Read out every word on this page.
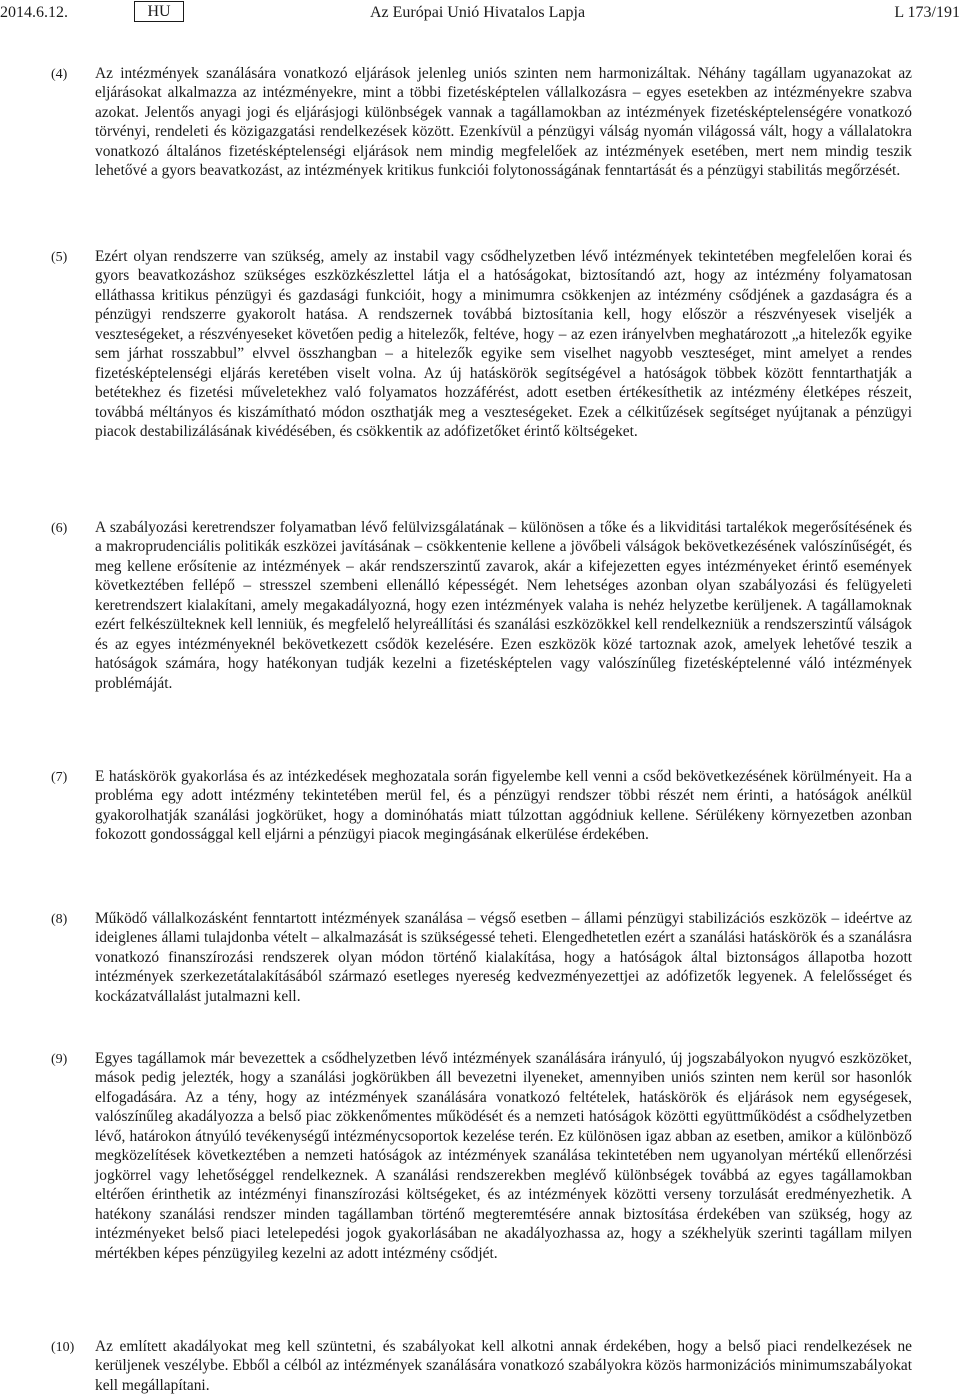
2014.6.12.	HU	Az Európai Unió Hivatalos Lapja	L 173/191
(4) Az intézmények szanálására vonatkozó eljárások jelenleg uniós szinten nem harmonizáltak. Néhány tagállam ugyanazokat az eljárásokat alkalmazza az intézményekre, mint a többi fizetésképtelen vállalkozásra – egyes esetekben az intézményekre szabva azokat. Jelentős anyagi jogi és eljárásjogi különbségek vannak a tagállamokban az intézmények fizetésképtelenségére vonatkozó törvényi, rendeleti és közigazgatási rendelkezések között. Ezenkívül a pénzügyi válság nyomán világossá vált, hogy a vállalatokra vonatkozó általános fizetésképtelenségi eljárások nem mindig megfelelőek az intézmények esetében, mert nem mindig teszik lehetővé a gyors beavatkozást, az intézmények kritikus funkciói folytonosságának fenntartását és a pénzügyi stabilitás megőrzését.
(5) Ezért olyan rendszerre van szükség, amely az instabil vagy csődhelyzetben lévő intézmények tekintetében megfelelően korai és gyors beavatkozáshoz szükséges eszközkészlettel látja el a hatóságokat, biztosítandó azt, hogy az intézmény folyamatosan elláthassa kritikus pénzügyi és gazdasági funkcióit, hogy a minimumra csökkenjen az intézmény csődjének a gazdaságra és a pénzügyi rendszerre gyakorolt hatása. A rendszernek továbbá biztosítania kell, hogy először a részvényesek viseljék a veszteségeket, a részvényeseket követően pedig a hitelezők, feltéve, hogy – az ezen irányelvben meghatározott „a hitelezők egyike sem járhat rosszabbul” elvvel összhangban – a hitelezők egyike sem viselhet nagyobb veszteséget, mint amelyet a rendes fizetésképtelenségi eljárás keretében viselt volna. Az új hatáskörök segítségével a hatóságok többek között fenntarthatják a betétekhez és fizetési műveletekhez való folyamatos hozzáférést, adott esetben értékesíthetik az intézmény életképes részeit, továbbá méltányos és kiszámítható módon oszthatják meg a veszteségeket. Ezek a célkitűzések segítséget nyújtanak a pénzügyi piacok destabilizálásának kivédésében, és csökkentik az adófizetőket érintő költségeket.
(6) A szabályozási keretrendszer folyamatban lévő felülvizsgálatának – különösen a tőke és a likviditási tartalékok megerősítésének és a makroprudenciális politikák eszközei javításának – csökkentenie kellene a jövőbeli válságok bekövetkezésének valószínűségét, és meg kellene erősítenie az intézmények – akár rendszerszintű zavarok, akár a kifejezetten egyes intézményeket érintő események következtében fellépő – stresszel szembeni ellenálló képességét. Nem lehetséges azonban olyan szabályozási és felügyeleti keretrendszert kialakítani, amely megakadályozná, hogy ezen intézmények valaha is nehéz helyzetbe kerüljenek. A tagállamoknak ezért felkészülteknek kell lenniük, és megfelelő helyreállítási és szanálási eszközökkel kell rendelkezniük a rendszerszintű válságok és az egyes intézményeknél bekövetkezett csődök kezelésére. Ezen eszközök közé tartoznak azok, amelyek lehetővé teszik a hatóságok számára, hogy hatékonyan tudják kezelni a fizetésképtelen vagy valószínűleg fizetésképtelenné váló intézmények problémáját.
(7) E hatáskörök gyakorlása és az intézkedések meghozatala során figyelembe kell venni a csőd bekövetkezésének körülményeit. Ha a probléma egy adott intézmény tekintetében merül fel, és a pénzügyi rendszer többi részét nem érinti, a hatóságok anélkül gyakorolhatják szanálási jogkörüket, hogy a dominóhatás miatt túlzottan aggódniuk kellene. Sérülékeny környezetben azonban fokozott gondossággal kell eljárni a pénzügyi piacok megingásának elkerülése érdekében.
(8) Működő vállalkozásként fenntartott intézmények szanálása – végső esetben – állami pénzügyi stabilizációs eszközök – ideértve az ideiglenes állami tulajdonba vételt – alkalmazását is szükségessé teheti. Elengedhetetlen ezért a szanálási hatáskörök és a szanálásra vonatkozó finanszírozási rendszerek olyan módon történő kialakítása, hogy a hatóságok által biztonságos állapotba hozott intézmények szerkezetátalakításából származó esetleges nyereség kedvezményezettjei az adófizetők legyenek. A felelősséget és kockázatvállalást jutalmazni kell.
(9) Egyes tagállamok már bevezettek a csődhelyzetben lévő intézmények szanálására irányuló, új jogszabályokon nyugvó eszközöket, mások pedig jelezték, hogy a szanálási jogkörükben áll bevezetni ilyeneket, amennyiben uniós szinten nem kerül sor hasonlók elfogadására. Az a tény, hogy az intézmények szanálására vonatkozó feltételek, hatáskörök és eljárások nem egységesek, valószínűleg akadályozza a belső piac zökkenőmentes működését és a nemzeti hatóságok közötti együttműködést a csődhelyzetben lévő, határokon átnyúló tevékenységű intézménycsoportok kezelése terén. Ez különösen igaz abban az esetben, amikor a különböző megközelítések következtében a nemzeti hatóságok az intézmények szanálása tekintetében nem ugyanolyan mértékű ellenőrzési jogkörrel vagy lehetőséggel rendelkeznek. A szanálási rendszerekben meglévő különbségek továbbá az egyes tagállamokban eltérően érinthetik az intézményi finanszírozási költségeket, és az intézmények közötti verseny torzulását eredményezhetik. A hatékony szanálási rendszer minden tagállamban történő megteremtésére annak biztosítása érdekében van szükség, hogy az intézményeket belső piaci letelepedési jogok gyakorlásában ne akadályozhassa az, hogy a székhelyük szerinti tagállam milyen mértékben képes pénzügyileg kezelni az adott intézmény csődjét.
(10) Az említett akadályokat meg kell szüntetni, és szabályokat kell alkotni annak érdekében, hogy a belső piaci rendelkezések ne kerüljenek veszélybe. Ebből a célból az intézmények szanálására vonatkozó szabályokra közös harmonizációs minimumszabályokat kell megállapítani.
